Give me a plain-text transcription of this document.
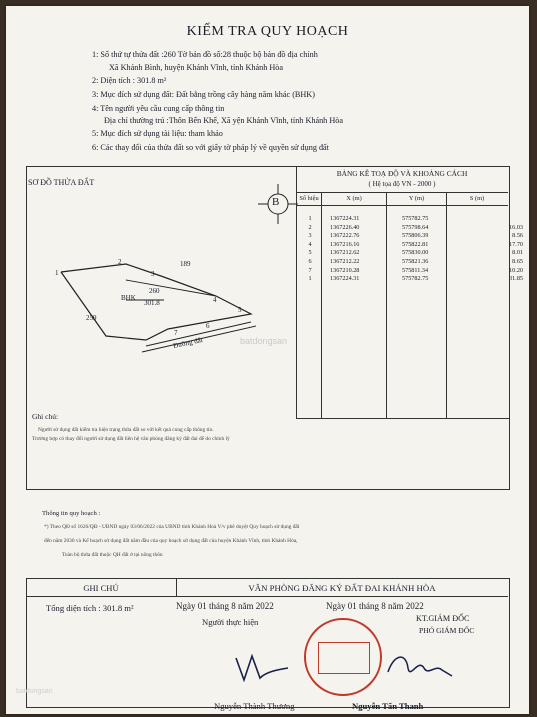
KIỂM TRA QUY HOẠCH
1: Số thứ tự thửa đất :260 Tờ bản đồ số:28 thuộc bộ bản đồ địa chính
Xã Khánh Bình, huyện Khánh Vĩnh, tỉnh Khánh Hòa
2: Diện tích : 301.8 m²
3: Mục đích sử dụng đất: Đất bằng trồng cây hàng năm khác (BHK)
4: Tên người yêu cầu cung cấp thông tin
Địa chỉ thường trú :Thôn Bến Khế, Xã yện Khánh Vĩnh, tỉnh Khánh Hòa
5: Mục đích sử dụng tài liệu: tham khảo
6: Các thay đổi của thửa đất so với giấy tờ pháp lý về quyền sử dụng đất
SƠ ĐỒ THỬA ĐẤT
B
BẢNG KÊ TOẠ ĐỘ VÀ KHOẢNG CÁCH
( Hệ tọa độ VN - 2000 )
Số hiệu	X (m)	Y (m)	S (m)
1	1367224.31	575782.75	
2	1367226.40	575798.64	16.03
3	1367222.76	575806.39	8.56
4	1367216.16	575822.81	17.70
5	1367212.62	575830.00	8.01
6	1367212.22	575821.36	8.65
7	1367210.28	575811.34	10.20
1	1367224.31	575782.75	31.85
1
2
3
4
5
6
7
189
259
BHK
260
301.8
Đường đất	batdongsan
Ghi chú:
Người sử dụng đất kiểm tra hiện trạng thửa đất so với kết quả cung cấp thông tin.
Trường hợp có thay đổi người sử dụng đất liên hệ văn phòng đăng ký đất đai để do chỉnh lý
Thông tin quy hoạch :
*) Theo QĐ số 1626/QĐ - UBND ngày 03/06/2022 của UBND tỉnh Khánh Hoà V/v phê duyệt Quy hoạch sử dụng đất
đến năm 2030 và Kế hoạch sử dụng đất năm đầu của quy hoạch sử dụng đất của huyện Khánh Vĩnh, tỉnh Khánh Hòa,
Toàn bộ thửa đất thuộc QH đất ở tại nông thôn
GHI CHÚ	VĂN PHÒNG ĐĂNG KÝ ĐẤT ĐAI KHÁNH HÒA
Tổng diện tích : 301.8 m²	Ngày 01 tháng 8 năm 2022	Ngày 01 tháng 8 năm 2022
Người thực hiện	KT.GIÁM ĐỐC
PHÓ GIÁM ĐỐC
Nguyễn Thành Thương	Nguyễn Tấn Thanh
batdongsan
